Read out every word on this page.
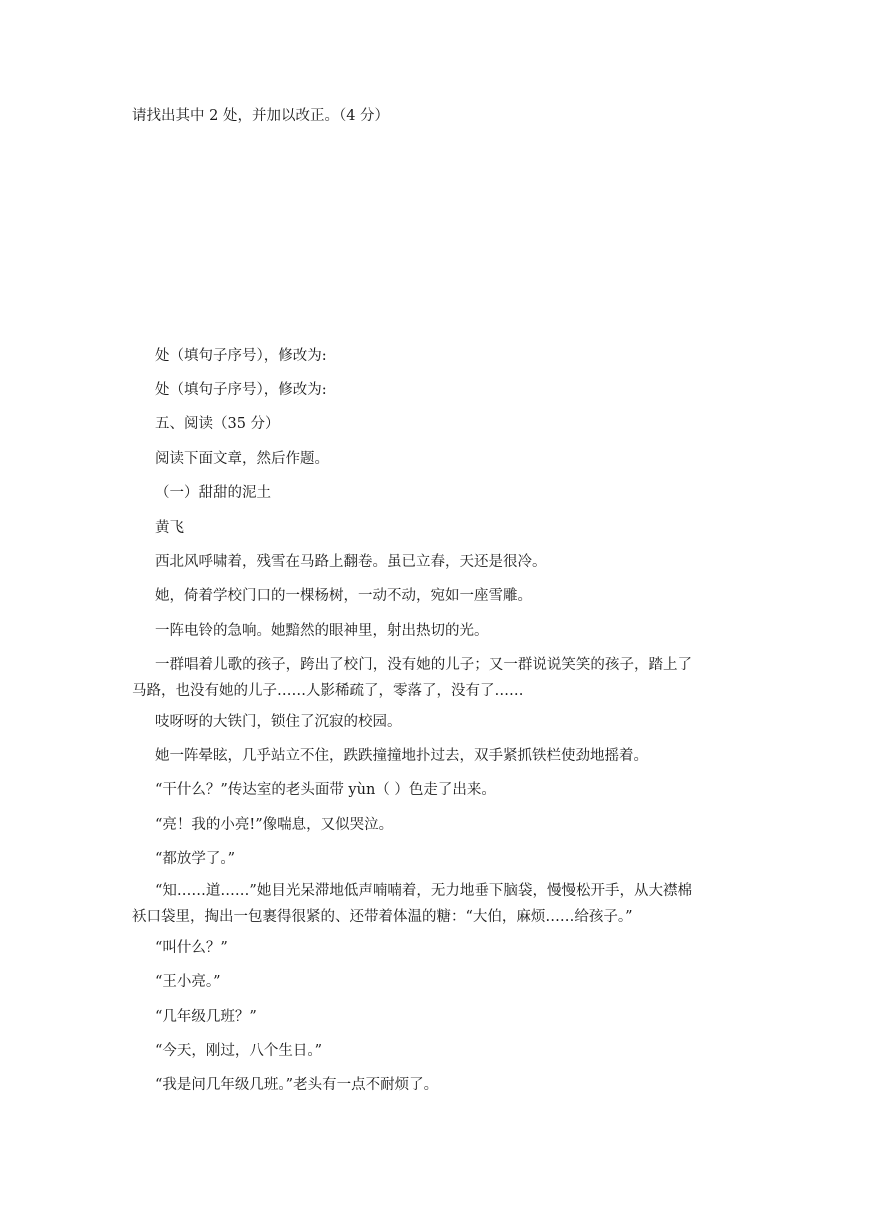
请找出其中 2 处，并加以改正。（4 分）

处（填句子序号），修改为:

处（填句子序号），修改为:

五、阅读（35 分）

阅读下面文章，然后作题。

（一）甜甜的泥土

黄飞

西北风呼啸着，残雪在马路上翻卷。虽已立春，天还是很冷。

她，倚着学校门口的一棵杨树，一动不动，宛如一座雪雕。

一阵电铃的急响。她黯然的眼神里，射出热切的光。

一群唱着儿歌的孩子，跨出了校门，没有她的儿子；又一群说说笑笑的孩子，踏上了马路，也没有她的儿子……人影稀疏了，零落了，没有了……

吱呀呀的大铁门，锁住了沉寂的校园。

她一阵晕眩，几乎站立不住，跌跌撞撞地扑过去，双手紧抓铁栏使劲地摇着。

“干什么？”传达室的老头面带 yùn（ ）色走了出来。

“亮！我的小亮!”像喘息，又似哭泣。

“都放学了。”

“知……道……”她目光呆滞地低声喃喃着，无力地垂下脑袋，慢慢松开手，从大襟棉袄口袋里，掏出一包裹得很紧的、还带着体温的糖：“大伯，麻烦……给孩子。”

“叫什么？”

“王小亮。”

“几年级几班？”

“今天，刚过，八个生日。”

“我是问几年级几班。”老头有一点不耐烦了。
